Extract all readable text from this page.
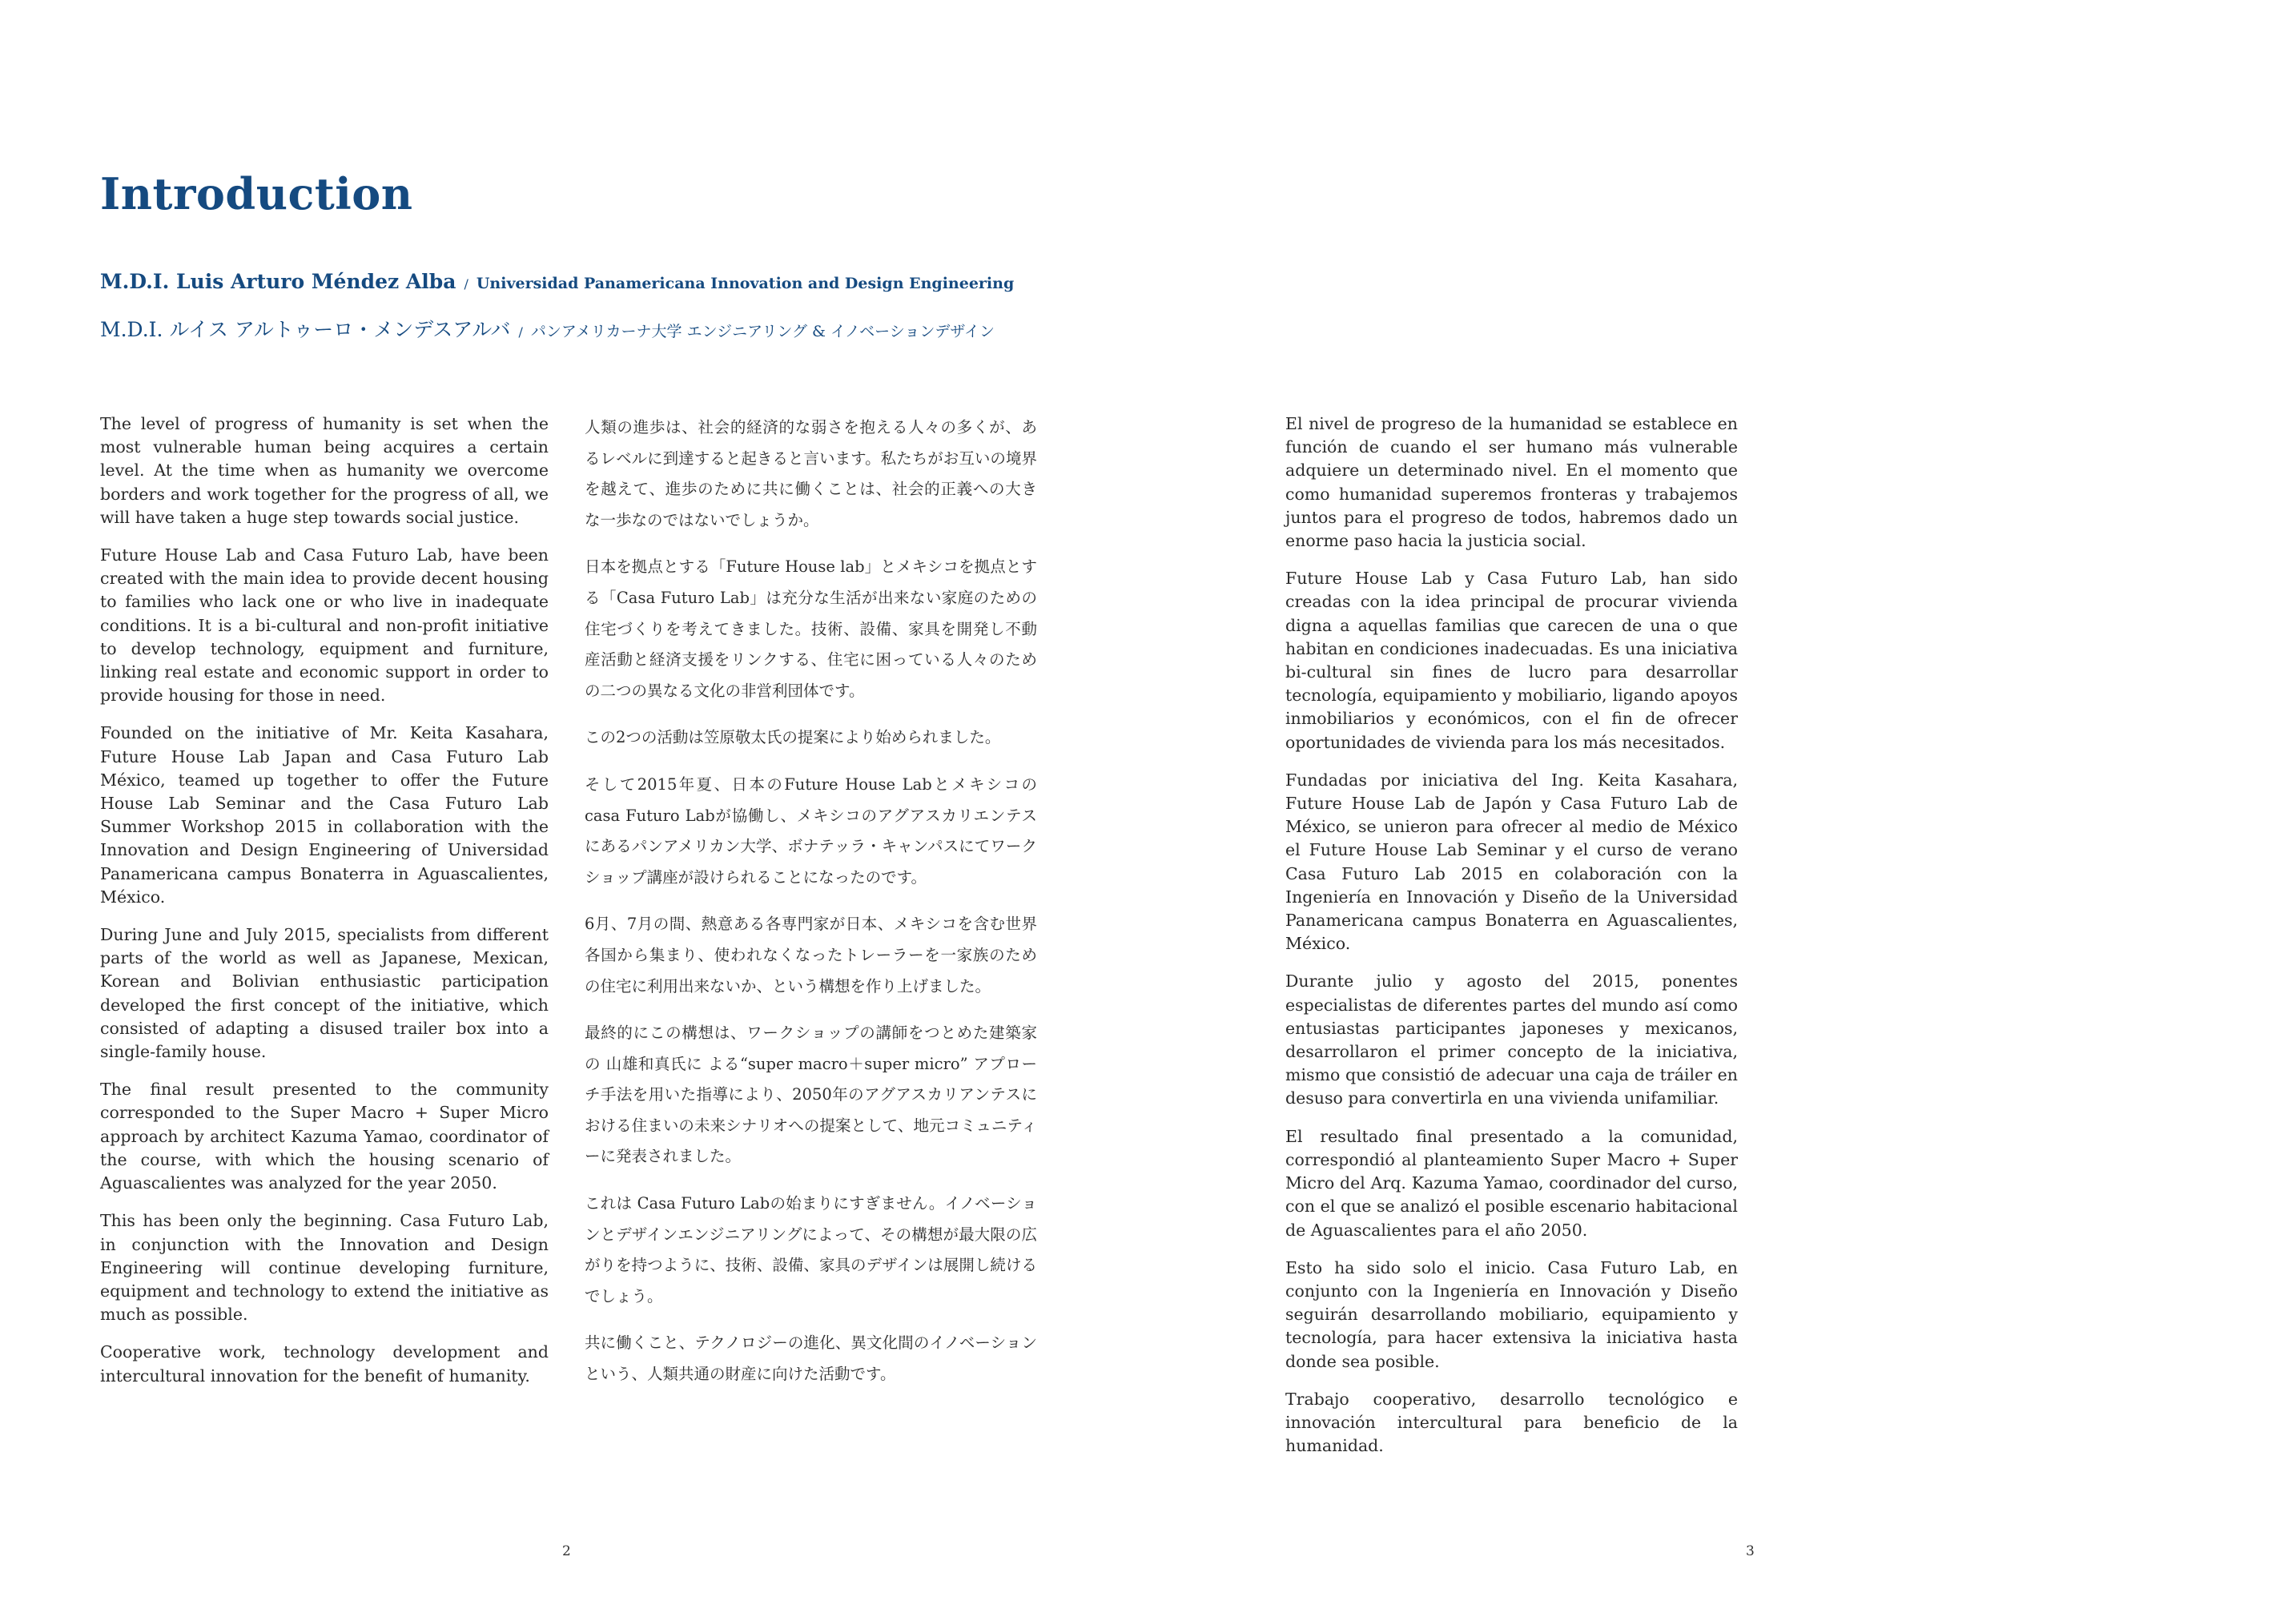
Introduction
M.D.I. Luis Arturo Méndez Alba / Universidad Panamericana Innovation and Design Engineering
M.D.I. ルイス アルトゥーロ・メンデスアルバ / パンアメリカーナ大学 エンジニアリング & イノベーションデザイン

The level of progress of humanity is set when the most vulnerable human being acquires a certain level. At the time when as humanity we overcome borders and work together for the progress of all, we will have taken a huge step towards social justice.

Future House Lab and Casa Futuro Lab, have been created with the main idea to provide decent housing to families who lack one or who live in inadequate conditions. It is a bi-cultural and non-profit initiative to develop technology, equipment and furniture, linking real estate and economic support in order to provide housing for those in need.

Founded on the initiative of Mr. Keita Kasahara, Future House Lab Japan and Casa Futuro Lab México, teamed up together to offer the Future House Lab Seminar and the Casa Futuro Lab Summer Workshop 2015 in collaboration with the Innovation and Design Engineering of Universidad Panamericana campus Bonaterra in Aguascalientes, México.

During June and July 2015, specialists from different parts of the world as well as Japanese, Mexican, Korean and Bolivian enthusiastic participation developed the first concept of the initiative, which consisted of adapting a disused trailer box into a single-family house.

The final result presented to the community corresponded to the Super Macro + Super Micro approach by architect Kazuma Yamao, coordinator of the course, with which the housing scenario of Aguascalientes was analyzed for the year 2050.

This has been only the beginning. Casa Futuro Lab, in conjunction with the Innovation and Design Engineering will continue developing furniture, equipment and technology to extend the initiative as much as possible.

Cooperative work, technology development and intercultural innovation for the benefit of humanity.

人類の進歩は、社会的経済的な弱さを抱える人々の多くが、あるレベルに到達すると起きると言います。私たちがお互いの境界を越えて、進歩のために共に働くことは、社会的正義への大きな一歩なのではないでしょうか。

日本を拠点とする「Future House lab」とメキシコを拠点とする「Casa Futuro Lab」は充分な生活が出来ない家庭のための住宅づくりを考えてきました。技術、設備、家具を開発し不動産活動と経済支援をリンクする、住宅に困っている人々のための二つの異なる文化の非営利団体です。

この2つの活動は笠原敬太氏の提案により始められました。

そして2015年夏、日本のFuture House Labとメキシコのcasa Futuro Labが協働し、メキシコのアグアスカリエンテスにあるパンアメリカン大学、ボナテッラ・キャンパスにてワークショップ講座が設けられることになったのです。

6月、7月の間、熱意ある各専門家が日本、メキシコを含む世界各国から集まり、使われなくなったトレーラーを一家族のための住宅に利用出来ないか、という構想を作り上げました。

最終的にこの構想は、ワークショップの講師をつとめた建築家の 山雄和真氏に よる“super macro＋super micro” アプローチ手法を用いた指導により、2050年のアグアスカリアンテスにおける住まいの未来シナリオへの提案として、地元コミュニティーに発表されました。

これは Casa Futuro Labの始まりにすぎません。イノベーションとデザインエンジニアリングによって、その構想が最大限の広がりを持つように、技術、設備、家具のデザインは展開し続けるでしょう。

共に働くこと、テクノロジーの進化、異文化間のイノベーションという、人類共通の財産に向けた活動です。

El nivel de progreso de la humanidad se establece en función de cuando el ser humano más vulnerable adquiere un determinado nivel. En el momento que como humanidad superemos fronteras y trabajemos juntos para el progreso de todos, habremos dado un enorme paso hacia la justicia social.

Future House Lab y Casa Futuro Lab, han sido creadas con la idea principal de procurar vivienda digna a aquellas familias que carecen de una o que habitan en condiciones inadecuadas. Es una iniciativa bi-cultural sin fines de lucro para desarrollar tecnología, equipamiento y mobiliario, ligando apoyos inmobiliarios y económicos, con el fin de ofrecer oportunidades de vivienda para los más necesitados.

Fundadas por iniciativa del Ing. Keita Kasahara, Future House Lab de Japón y Casa Futuro Lab de México, se unieron para ofrecer al medio de México el Future House Lab Seminar y el curso de verano Casa Futuro Lab 2015 en colaboración con la Ingeniería en Innovación y Diseño de la Universidad Panamericana campus Bonaterra en Aguascalientes, México.

Durante julio y agosto del 2015, ponentes especialistas de diferentes partes del mundo así como entusiastas participantes japoneses y mexicanos, desarrollaron el primer concepto de la iniciativa, mismo que consistió de adecuar una caja de tráiler en desuso para convertirla en una vivienda unifamiliar.

El resultado final presentado a la comunidad, correspondió al planteamiento Super Macro + Super Micro del Arq. Kazuma Yamao, coordinador del curso, con el que se analizó el posible escenario habitacional de Aguascalientes para el año 2050.

Esto ha sido solo el inicio. Casa Futuro Lab, en conjunto con la Ingeniería en Innovación y Diseño seguirán desarrollando mobiliario, equipamiento y tecnología, para hacer extensiva la iniciativa hasta donde sea posible.

Trabajo cooperativo, desarrollo tecnológico e innovación intercultural para beneficio de la humanidad.

2	3
